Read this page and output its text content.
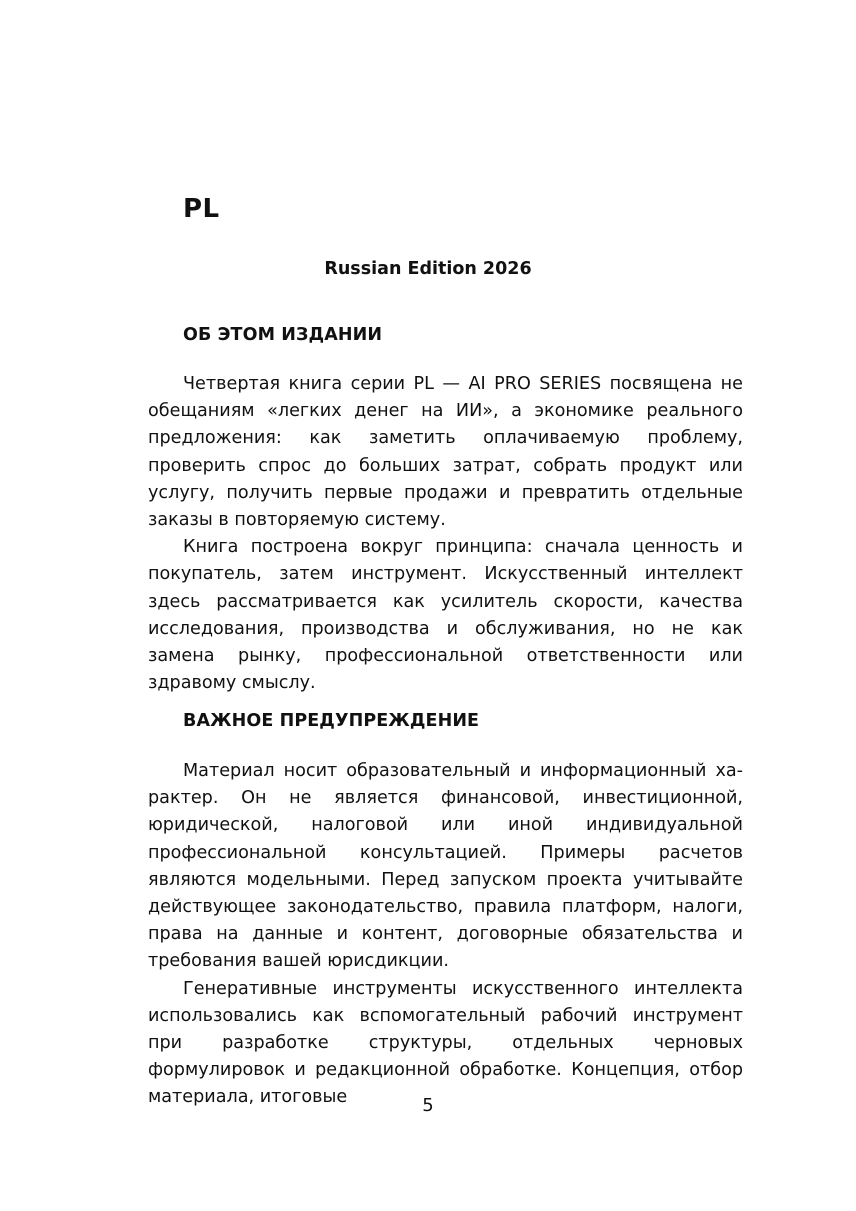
PL
Russian Edition 2026
ОБ ЭТОМ ИЗДАНИИ

Четвертая книга серии PL — AI PRO SERIES посвящена не обещаниям «легких денег на ИИ», а экономике реального предложения: как заметить оплачиваемую проблему, проверить спрос до больших затрат, собрать продукт или услугу, получить первые продажи и превратить отдельные заказы в повторяемую систему.

Книга построена вокруг принципа: сначала ценность и покупатель, затем инструмент. Искусственный интеллект здесь рассматривается как усилитель скорости, качества исследования, производства и обслуживания, но не как замена рынку, профессиональной ответственности или здравому смыслу.

ВАЖНОЕ ПРЕДУПРЕЖДЕНИЕ

Материал носит образовательный и информационный характер. Он не является финансовой, инвестиционной, юридической, налоговой или иной индивидуальной профессиональной консультацией. Примеры расчетов являются модельными. Перед запуском проекта учитывайте действующее законодательство, правила платформ, налоги, права на данные и контент, договорные обязательства и требования вашей юрисдикции.

Генеративные инструменты искусственного интеллекта использовались как вспомогательный рабочий инструмент при разработке структуры, отдельных черновых формулировок и редакционной обработке. Концепция, отбор материала, итоговые	5
